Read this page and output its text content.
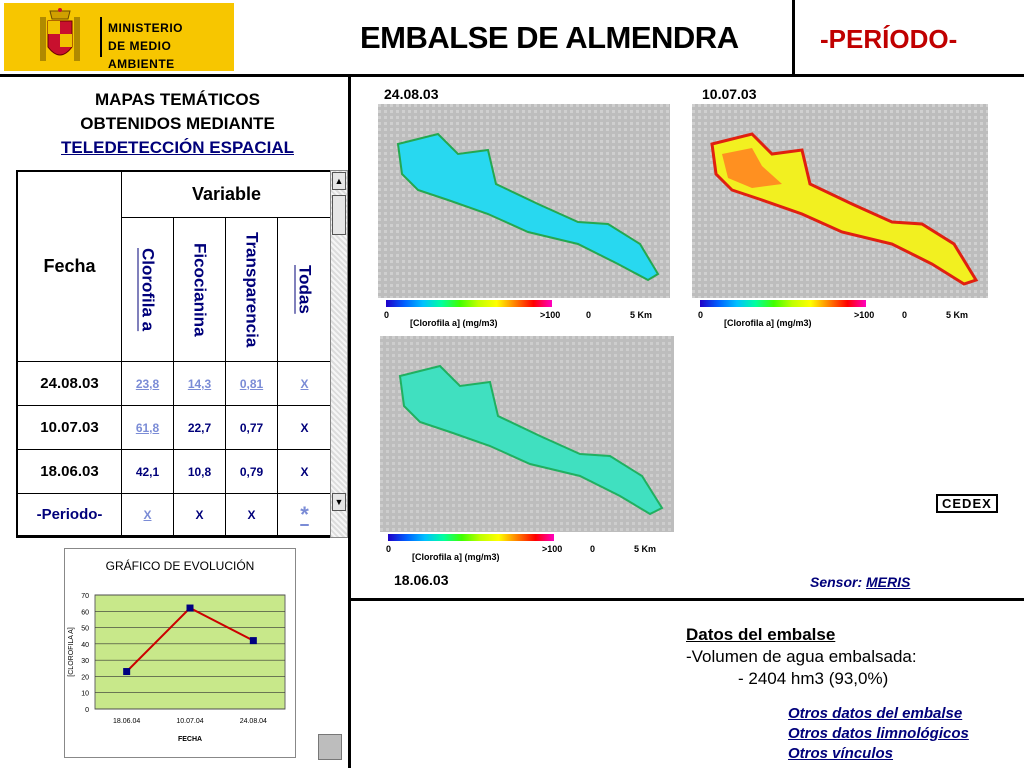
MINISTERIO
DE MEDIO AMBIENTE
EMBALSE DE ALMENDRA	-PERÍODO-
MAPAS TEMÁTICOS
OBTENIDOS MEDIANTE
TELEDETECCIÓN ESPACIAL
Fecha
Variable
Clorofila a Ficocianina Transparencia Todas
24.08.03	23,8	14,3	0,81	X
10.07.03	61,8	22,7	0,77	X
18.06.03	42,1	10,8	0,79	X
-Periodo-	X	X	X	*
▲
▼
GRÁFICO DE EVOLUCIÓN
0
10
20
30
40
50
60
70
18.06.04	10.07.04	24.08.04
FECHA
[CLOROFILA A]
24.08.03	10.07.03
18.06.03
0	>100
[Clorofila a] (mg/m3)
0	5 Km	0	>100
[Clorofila a] (mg/m3)
0	5 Km
0	>100
[Clorofila a] (mg/m3)
0	5 Km
CEDEX
Sensor: MERIS
Datos del embalse
-Volumen de agua embalsada:
- 2404 hm3 (93,0%)
Otros datos del embalse
Otros datos limnológicos
Otros vínculos
